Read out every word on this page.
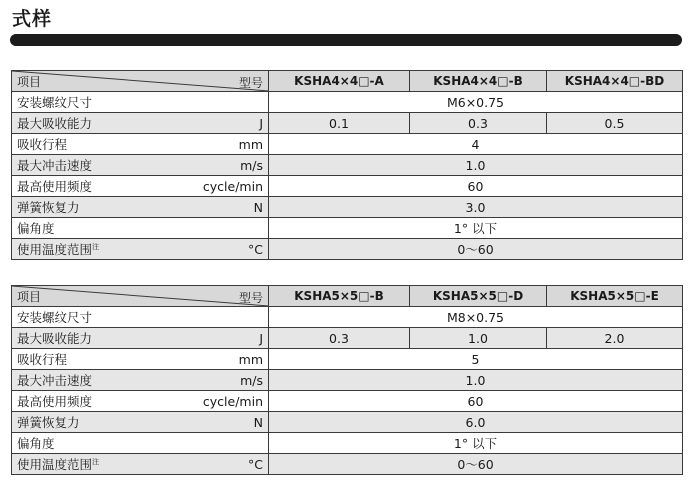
式样
项目 型号		KSHA4×4□-A	KSHA4×4□-B	KSHA4×4□-BD
安装螺纹尺寸		M6×0.75		
最大吸收能力	J	0.1	0.3	0.5
吸收行程	mm	4		
最大冲击速度	m/s	1.0		
最高使用频度	cycle/min	60		
弹簧恢复力	N	3.0		
偏角度		1° 以下		
使用温度范围$^注$	°C	0～60		
项目 型号		KSHA5×5□-B	KSHA5×5□-D	KSHA5×5□-E
安装螺纹尺寸		M8×0.75		
最大吸收能力	J	0.3	1.0	2.0
吸收行程	mm	5		
最大冲击速度	m/s	1.0		
最高使用频度	cycle/min	60		
弹簧恢复力	N	6.0		
偏角度		1° 以下		
使用温度范围$^注$	°C	0～60		
